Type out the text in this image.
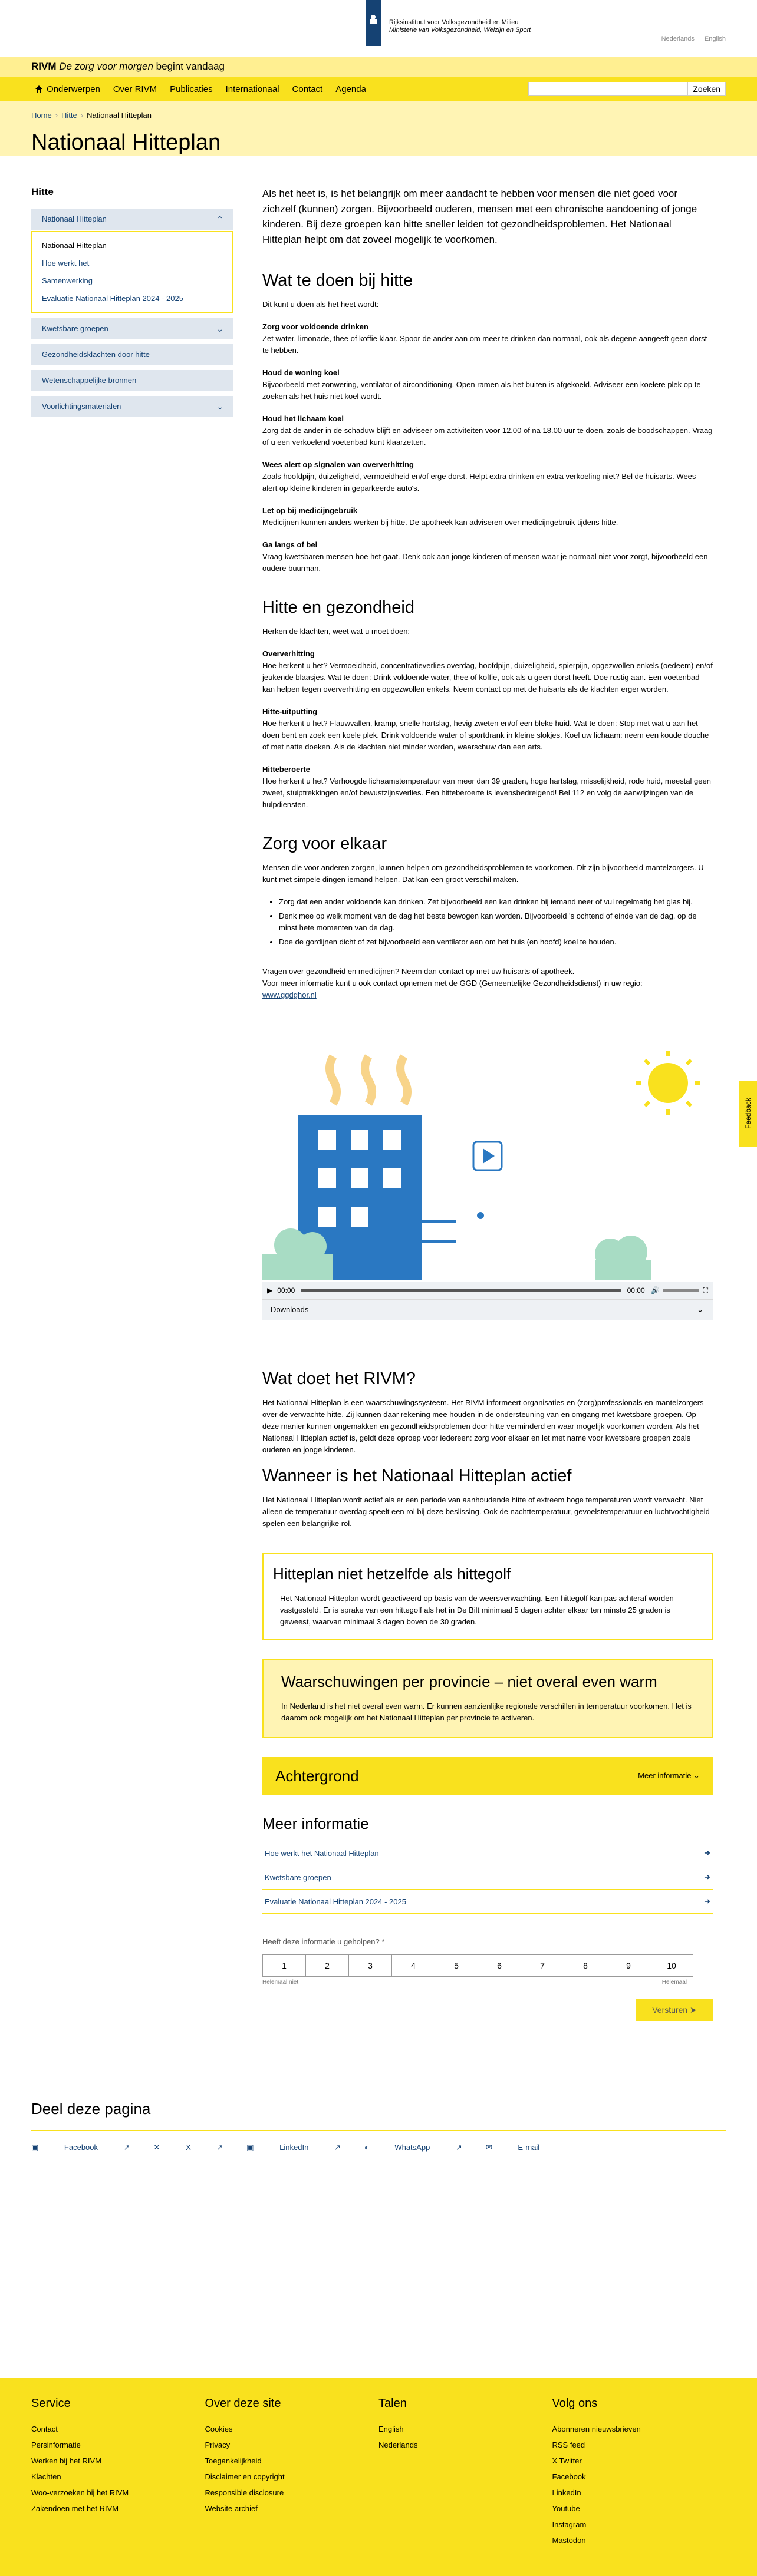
Rijksinstituut voor Volksgezondheid en Milieu
Ministerie van Volksgezondheid, Welzijn en Sport
Nederlands English
RIVM De zorg voor morgen begint vandaag
Onderwerpen Over RIVM Publicaties Internationaal Contact Agenda	Zoeken
Home › Hitte › Nationaal Hitteplan
Nationaal Hitteplan
Hitte
Nationaal Hitteplan	⌃
Nationaal Hitteplan
Hoe werkt het
Samenwerking
Evaluatie Nationaal Hitteplan 2024 - 2025
Kwetsbare groepen	⌄
Gezondheidsklachten door hitte
Wetenschappelijke bronnen
Voorlichtingsmaterialen	⌄

Als het heet is, is het belangrijk om meer aandacht te hebben voor mensen die niet goed voor zichzelf (kunnen) zorgen. Bijvoorbeeld ouderen, mensen met een chronische aandoening of jonge kinderen. Bij deze groepen kan hitte sneller leiden tot gezondheidsproblemen. Het Nationaal Hitteplan helpt om dat zoveel mogelijk te voorkomen.

Wat te doen bij hitte

Dit kunt u doen als het heet wordt:

Zorg voor voldoende drinken
Zet water, limonade, thee of koffie klaar. Spoor de ander aan om meer te drinken dan normaal, ook als degene aangeeft geen dorst te hebben.

Houd de woning koel
Bijvoorbeeld met zonwering, ventilator of airconditioning. Open ramen als het buiten is afgekoeld. Adviseer een koelere plek op te zoeken als het huis niet koel wordt.

Houd het lichaam koel
Zorg dat de ander in de schaduw blijft en adviseer om activiteiten voor 12.00 of na 18.00 uur te doen, zoals de boodschappen. Vraag of u een verkoelend voetenbad kunt klaarzetten.

Wees alert op signalen van oververhitting
Zoals hoofdpijn, duizeligheid, vermoeidheid en/of erge dorst. Helpt extra drinken en extra verkoeling niet? Bel de huisarts. Wees alert op kleine kinderen in geparkeerde auto's.

Let op bij medicijngebruik
Medicijnen kunnen anders werken bij hitte. De apotheek kan adviseren over medicijngebruik tijdens hitte.

Ga langs of bel
Vraag kwetsbaren mensen hoe het gaat. Denk ook aan jonge kinderen of mensen waar je normaal niet voor zorgt, bijvoorbeeld een oudere buurman.

Hitte en gezondheid

Herken de klachten, weet wat u moet doen:

Oververhitting
Hoe herkent u het? Vermoeidheid, concentratieverlies overdag, hoofdpijn, duizeligheid, spierpijn, opgezwollen enkels (oedeem) en/of jeukende blaasjes. Wat te doen: Drink voldoende water, thee of koffie, ook als u geen dorst heeft. Doe rustig aan. Een voetenbad kan helpen tegen oververhitting en opgezwollen enkels. Neem contact op met de huisarts als de klachten erger worden.

Hitte-uitputting
Hoe herkent u het? Flauwvallen, kramp, snelle hartslag, hevig zweten en/of een bleke huid. Wat te doen: Stop met wat u aan het doen bent en zoek een koele plek. Drink voldoende water of sportdrank in kleine slokjes. Koel uw lichaam: neem een koude douche of met natte doeken. Als de klachten niet minder worden, waarschuw dan een arts.

Hitteberoerte
Hoe herkent u het? Verhoogde lichaamstemperatuur van meer dan 39 graden, hoge hartslag, misselijkheid, rode huid, meestal geen zweet, stuiptrekkingen en/of bewustzijnsverlies. Een hitteberoerte is levensbedreigend! Bel 112 en volg de aanwijzingen van de hulpdiensten.

Zorg voor elkaar

Mensen die voor anderen zorgen, kunnen helpen om gezondheidsproblemen te voorkomen. Dit zijn bijvoorbeeld mantelzorgers. U kunt met simpele dingen iemand helpen. Dat kan een groot verschil maken.

• Zorg dat een ander voldoende kan drinken. Zet bijvoorbeeld een kan drinken bij iemand neer of vul regelmatig het glas bij.
• Denk mee op welk moment van de dag het beste bewogen kan worden. Bijvoorbeeld 's ochtend of einde van de dag, op de minst hete momenten van de dag.
• Doe de gordijnen dicht of zet bijvoorbeeld een ventilator aan om het huis (en hoofd) koel te houden.

Vragen over gezondheid en medicijnen? Neem dan contact op met uw huisarts of apotheek.

Voor meer informatie kunt u ook contact opnemen met de GGD (Gemeentelijke Gezondheidsdienst) in uw regio:

www.ggdghor.nl
▶ 00:00	00:00 🔊	⛶
Downloads	⌄
Wat doet het RIVM?

Het Nationaal Hitteplan is een waarschuwingssysteem. Het RIVM informeert organisaties en (zorg)professionals en mantelzorgers over de verwachte hitte. Zij kunnen daar rekening mee houden in de ondersteuning van en omgang met kwetsbare groepen. Op deze manier kunnen ongemakken en gezondheidsproblemen door hitte verminderd en waar mogelijk voorkomen worden. Als het Nationaal Hitteplan actief is, geldt deze oproep voor iedereen: zorg voor elkaar en let met name voor kwetsbare groepen zoals ouderen en jonge kinderen.

Wanneer is het Nationaal Hitteplan actief

Het Nationaal Hitteplan wordt actief als er een periode van aanhoudende hitte of extreem hoge temperaturen wordt verwacht. Niet alleen de temperatuur overdag speelt een rol bij deze beslissing. Ook de nachttemperatuur, gevoelstemperatuur en luchtvochtigheid spelen een belangrijke rol.

Hitteplan niet hetzelfde als hittegolf

Het Nationaal Hitteplan wordt geactiveerd op basis van de weersverwachting. Een hittegolf kan pas achteraf worden vastgesteld. Er is sprake van een hittegolf als het in De Bilt minimaal 5 dagen achter elkaar ten minste 25 graden is geweest, waarvan minimaal 3 dagen boven de 30 graden.

Waarschuwingen per provincie – niet overal even warm

In Nederland is het niet overal even warm. Er kunnen aanzienlijke regionale verschillen in temperatuur voorkomen. Het is daarom ook mogelijk om het Nationaal Hitteplan per provincie te activeren.

Achtergrond	Meer informatie ⌄
Meer informatie
Hoe werkt het Nationaal Hitteplan	➜
Kwetsbare groepen	➜
Evaluatie Nationaal Hitteplan 2024 - 2025	➜
Heeft deze informatie u geholpen? *
1	2	3	4	5	6	7	8	9	10
Helemaal niet	Helemaal
Versturen ➤
Deel deze pagina
▣	Facebook	↗	✕	X	↗	▣	LinkedIn	↗	◐	WhatsApp	↗	✉	E-mail
Feedback
Service
Contact
Persinformatie
Werken bij het RIVM
Klachten
Woo-verzoeken bij het RIVM
Zakendoen met het RIVM
Over deze site
Cookies
Privacy
Toegankelijkheid
Disclaimer en copyright
Responsible disclosure
Website archief
Talen
English
Nederlands
Volg ons
Abonneren nieuwsbrieven
RSS feed
X Twitter
Facebook
LinkedIn
Youtube
Instagram
Mastodon
